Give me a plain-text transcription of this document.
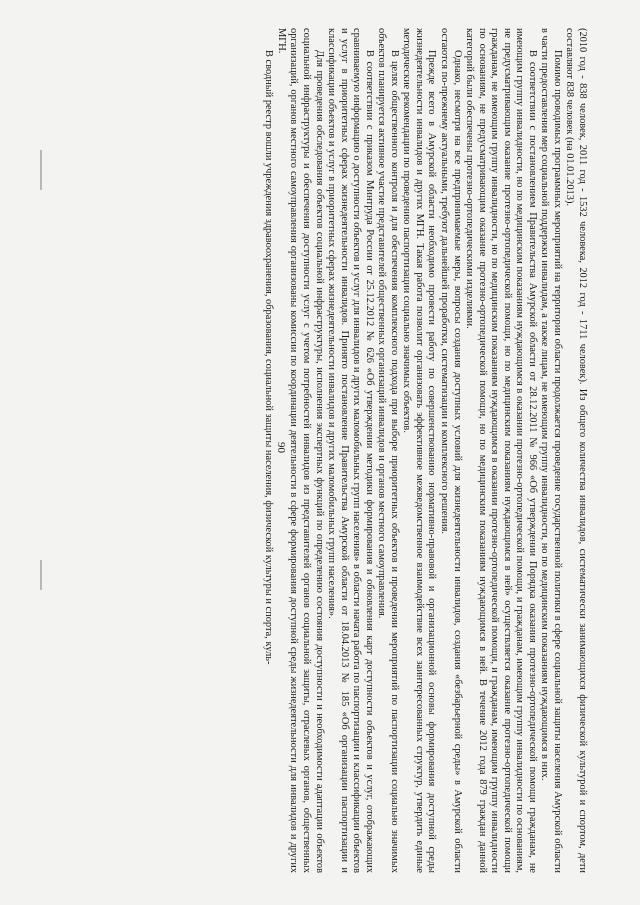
(2010 год - 838 человек, 2011 год - 1532 человека, 2012 год - 1711 человек). Из общего количества инвалидов, систематически занимающихся физической культурой и спортом, дети составляют 838 человек (на 01.01.2013).

Помимо проводимых программных мероприятий на территории области продолжается проведение государственной политики в сфере социальной защиты населения Амурской области в части предоставления мер социальной поддержки инвалидам, а также лицам, не имеющим группу инвалидности, но по медицинским показаниям нуждающимся в них.

В соответствии с постановлением Правительства Амурской области от 28.12.2011 № 966 «Об утверждении Порядка оказания протезно-ортопедической помощи гражданам, не имеющим группу инвалидности, но по медицинским показаниям нуждающимся в оказании протезно-ортопедической помощи, и гражданам, имеющим группу инвалидности по основаниям, не предусматривающим оказание протезно-ортопедической помощи, но по медицинским показаниям нуждающимся в ней» осуществляется оказание протезно-ортопедической помощи гражданам, не имеющим группу инвалидности, но по медицинским показаниям нуждающимся в оказании протезно-ортопедической помощи, и гражданам, имеющим группу инвалидности по основаниям, не предусматривающим оказание протезно-ортопедической помощи, но по медицинским показаниям нуждающимся в ней. В течение 2012 года 879 граждан данной категорий были обеспечены протезно-ортопедическими изделиями.

Однако, несмотря на все предпринимаемые меры, вопросы создания доступных условий для жизнедеятельности инвалидов, создания «безбарьерной среды» в Амурской области остаются по-прежнему актуальными, требуют дальнейшей проработки, систематизации и комплексного решения.

Прежде всего в Амурской области необходимо провести работу по совершенствованию нормативно-правовой и организационной основы формирования доступной среды жизнедеятельности инвалидов и других МГН. Такая работа позволит организовать эффективное межведомственное взаимодействие всех заинтересованных структур, утвердить единые методические рекомендации по проведению паспортизации социально значимых объектов.

В целях общественного контроля и для обеспечения комплексного подхода при выборе приоритетных объектов и проведении мероприятий по паспортизации социально значимых объектов планируется активное участие представителей общественных организаций инвалидов и органов местного самоуправления.

В соответствии с приказом Минтруда России от 25.12.2012 № 626 «Об утверждении методики формирования и обновления карт доступности объектов и услуг, отображающих сравниваемую информацию о доступности объектов и услуг для инвалидов и других маломобильных групп населения» в области начата работа по паспортизации и классификации объектов и услуг в приоритетных сферах жизнедеятельности инвалидов. Принято постановление Правительства Амурской области от 18.04.2013 № 185 «Об организации паспортизации и классификации объектов и услуг в приоритетных сферах жизнедеятельности инвалидов и других маломобильных групп населения».

Для проведения обследования объектов социальной инфраструктуры, исполнения экспертных функций по определению состояния доступности и необходимости адаптации объектов социальной инфраструктуры и обеспечения доступности услуг с учетом потребностей инвалидов из представителей органов социальной защиты, отраслевых органов, общественных организаций, органов местного самоуправления организованы комиссии по координации деятельности в сфере формирования доступной среды жизнедеятельности для инвалидов и других МГН.

В сводный реестр вошли учреждения здравоохранения, образования, социальной защиты населения, физической культуры и спорта, куль- 90
